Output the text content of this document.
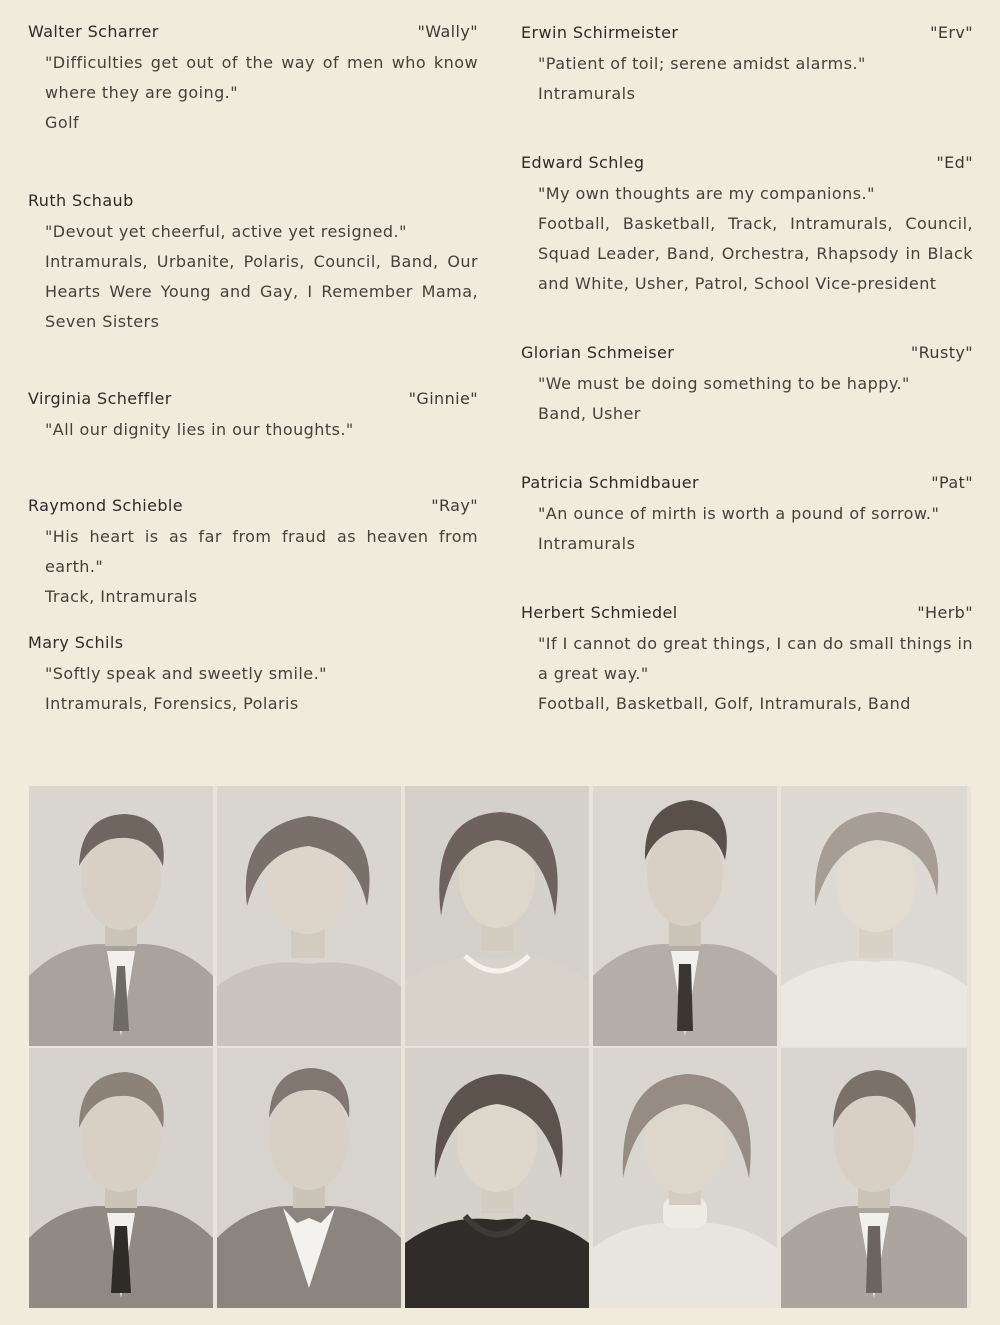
Walter Scharrer	"Wally"

"Difficulties get out of the way of men who know where they are going."

Golf

Ruth Schaub

"Devout yet cheerful, active yet resigned."

Intramurals, Urbanite, Polaris, Council, Band, Our Hearts Were Young and Gay, I Remember Mama, Seven Sisters

Virginia Scheffler	"Ginnie"

"All our dignity lies in our thoughts."

Raymond Schieble	"Ray"

"His heart is as far from fraud as heaven from earth."

Track, Intramurals

Mary Schils

"Softly speak and sweetly smile."

Intramurals, Forensics, Polaris

Erwin Schirmeister	"Erv"

"Patient of toil; serene amidst alarms."

Intramurals

Edward Schleg	"Ed"

"My own thoughts are my companions."

Football, Basketball, Track, Intramurals, Council, Squad Leader, Band, Orchestra, Rhapsody in Black and White, Usher, Patrol, School Vice-president

Glorian Schmeiser	"Rusty"

"We must be doing something to be happy."

Band, Usher

Patricia Schmidbauer	"Pat"

"An ounce of mirth is worth a pound of sorrow."

Intramurals

Herbert Schmiedel	"Herb"

"If I cannot do great things, I can do small things in a great way."

Football, Basketball, Golf, Intramurals, Band
